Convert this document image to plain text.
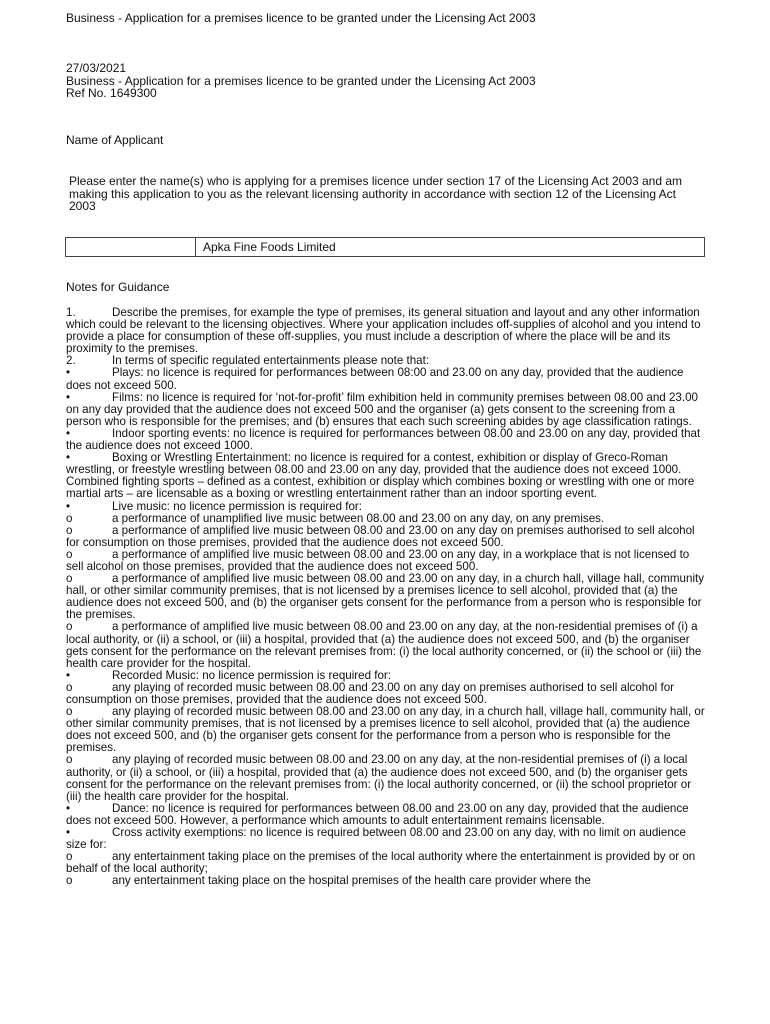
Business - Application for a premises licence to be granted under the Licensing Act 2003
27/03/2021
Business - Application for a premises licence to be granted under the Licensing Act 2003
Ref No. 1649300
Name of Applicant
Please enter the name(s) who is applying for a premises licence under section 17 of the Licensing Act 2003 and am making this application to you as the relevant licensing authority in accordance with section 12 of the Licensing Act 2003
Apka Fine Foods Limited
Notes for Guidance

1.	Describe the premises, for example the type of premises, its general situation and layout and any other information which could be relevant to the licensing objectives. Where your application includes off-supplies of alcohol and you intend to provide a place for consumption of these off-supplies, you must include a description of where the place will be and its proximity to the premises.

2.	In terms of specific regulated entertainments please note that:

•	Plays: no licence is required for performances between 08:00 and 23.00 on any day, provided that the audience does not exceed 500.

•	Films: no licence is required for ‘not-for-profit’ film exhibition held in community premises between 08.00 and 23.00 on any day provided that the audience does not exceed 500 and the organiser (a) gets consent to the screening from a person who is responsible for the premises; and (b) ensures that each such screening abides by age classification ratings.

•	Indoor sporting events: no licence is required for performances between 08.00 and 23.00 on any day, provided that the audience does not exceed 1000.

•	Boxing or Wrestling Entertainment: no licence is required for a contest, exhibition or display of Greco-Roman wrestling, or freestyle wrestling between 08.00 and 23.00 on any day, provided that the audience does not exceed 1000. Combined fighting sports – defined as a contest, exhibition or display which combines boxing or wrestling with one or more martial arts – are licensable as a boxing or wrestling entertainment rather than an indoor sporting event.

•	Live music: no licence permission is required for:

o	a performance of unamplified live music between 08.00 and 23.00 on any day, on any premises.

o	a performance of amplified live music between 08.00 and 23.00 on any day on premises authorised to sell alcohol for consumption on those premises, provided that the audience does not exceed 500.

o	a performance of amplified live music between 08.00 and 23.00 on any day, in a workplace that is not licensed to sell alcohol on those premises, provided that the audience does not exceed 500.

o	a performance of amplified live music between 08.00 and 23.00 on any day, in a church hall, village hall, community hall, or other similar community premises, that is not licensed by a premises licence to sell alcohol, provided that (a) the audience does not exceed 500, and (b) the organiser gets consent for the performance from a person who is responsible for the premises.

o	a performance of amplified live music between 08.00 and 23.00 on any day, at the non-residential premises of (i) a local authority, or (ii) a school, or (iii) a hospital, provided that (a) the audience does not exceed 500, and (b) the organiser gets consent for the performance on the relevant premises from: (i) the local authority concerned, or (ii) the school or (iii) the health care provider for the hospital.

•	Recorded Music: no licence permission is required for:

o	any playing of recorded music between 08.00 and 23.00 on any day on premises authorised to sell alcohol for consumption on those premises, provided that the audience does not exceed 500.

o	any playing of recorded music between 08.00 and 23.00 on any day, in a church hall, village hall, community hall, or other similar community premises, that is not licensed by a premises licence to sell alcohol, provided that (a) the audience does not exceed 500, and (b) the organiser gets consent for the performance from a person who is responsible for the premises.

o	any playing of recorded music between 08.00 and 23.00 on any day, at the non-residential premises of (i) a local authority, or (ii) a school, or (iii) a hospital, provided that (a) the audience does not exceed 500, and (b) the organiser gets consent for the performance on the relevant premises from: (i) the local authority concerned, or (ii) the school proprietor or (iii) the health care provider for the hospital.

•	Dance: no licence is required for performances between 08.00 and 23.00 on any day, provided that the audience does not exceed 500. However, a performance which amounts to adult entertainment remains licensable.

•	Cross activity exemptions: no licence is required between 08.00 and 23.00 on any day, with no limit on audience size for:

o	any entertainment taking place on the premises of the local authority where the entertainment is provided by or on behalf of the local authority;

o	any entertainment taking place on the hospital premises of the health care provider where the
